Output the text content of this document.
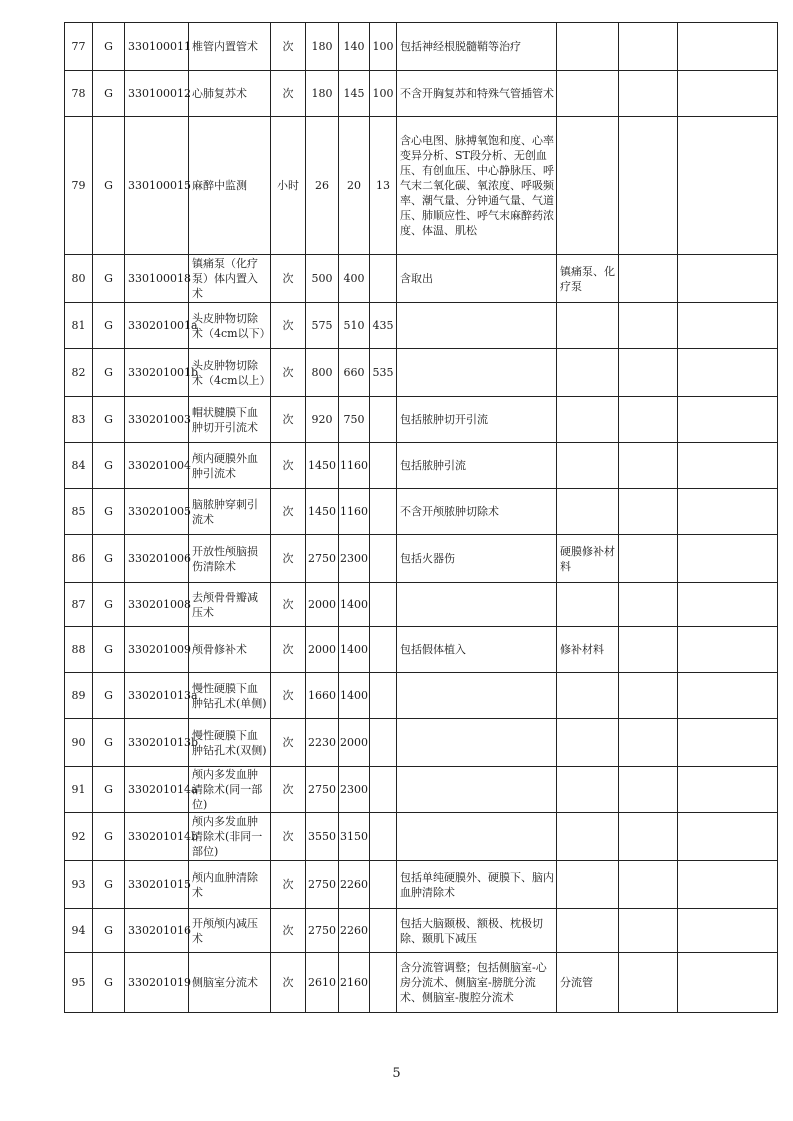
77	G	330100011	椎管内置管术	次	180	140	100	包括神经根脱髓鞘等治疗			
78	G	330100012	心肺复苏术	次	180	145	100	不含开胸复苏和特殊气管插管术			
79	G	330100015	麻醉中监测	小时	26	20	13	含心电图、脉搏氧饱和度、心率变异分析、ST段分析、无创血压、有创血压、中心静脉压、呼气末二氧化碳、氧浓度、呼吸频率、潮气量、分钟通气量、气道压、肺顺应性、呼气末麻醉药浓度、体温、肌松			
80	G	330100018	镇痛泵（化疗泵）体内置入术	次	500	400		含取出	镇痛泵、化疗泵		
81	G	330201001a	头皮肿物切除术（4cm以下）	次	575	510	435				
82	G	330201001b	头皮肿物切除术（4cm以上）	次	800	660	535				
83	G	330201003	帽状腱膜下血肿切开引流术	次	920	750		包括脓肿切开引流			
84	G	330201004	颅内硬膜外血肿引流术	次	1450	1160		包括脓肿引流			
85	G	330201005	脑脓肿穿刺引流术	次	1450	1160		不含开颅脓肿切除术			
86	G	330201006	开放性颅脑损伤清除术	次	2750	2300		包括火器伤	硬膜修补材料		
87	G	330201008	去颅骨骨瓣减压术	次	2000	1400					
88	G	330201009	颅骨修补术	次	2000	1400		包括假体植入	修补材料		
89	G	330201013a	慢性硬膜下血肿钻孔术(单侧)	次	1660	1400					
90	G	330201013b	慢性硬膜下血肿钻孔术(双侧)	次	2230	2000					
91	G	330201014a	颅内多发血肿清除术(同一部位)	次	2750	2300					
92	G	330201014b	颅内多发血肿清除术(非同一部位)	次	3550	3150					
93	G	330201015	颅内血肿清除术	次	2750	2260		包括单纯硬膜外、硬膜下、脑内血肿清除术			
94	G	330201016	开颅颅内减压术	次	2750	2260		包括大脑颞极、额极、枕极切除、颞肌下减压			
95	G	330201019	侧脑室分流术	次	2610	2160		含分流管调整；包括侧脑室-心房分流术、侧脑室-膀胱分流术、侧脑室-腹腔分流术	分流管		
5
